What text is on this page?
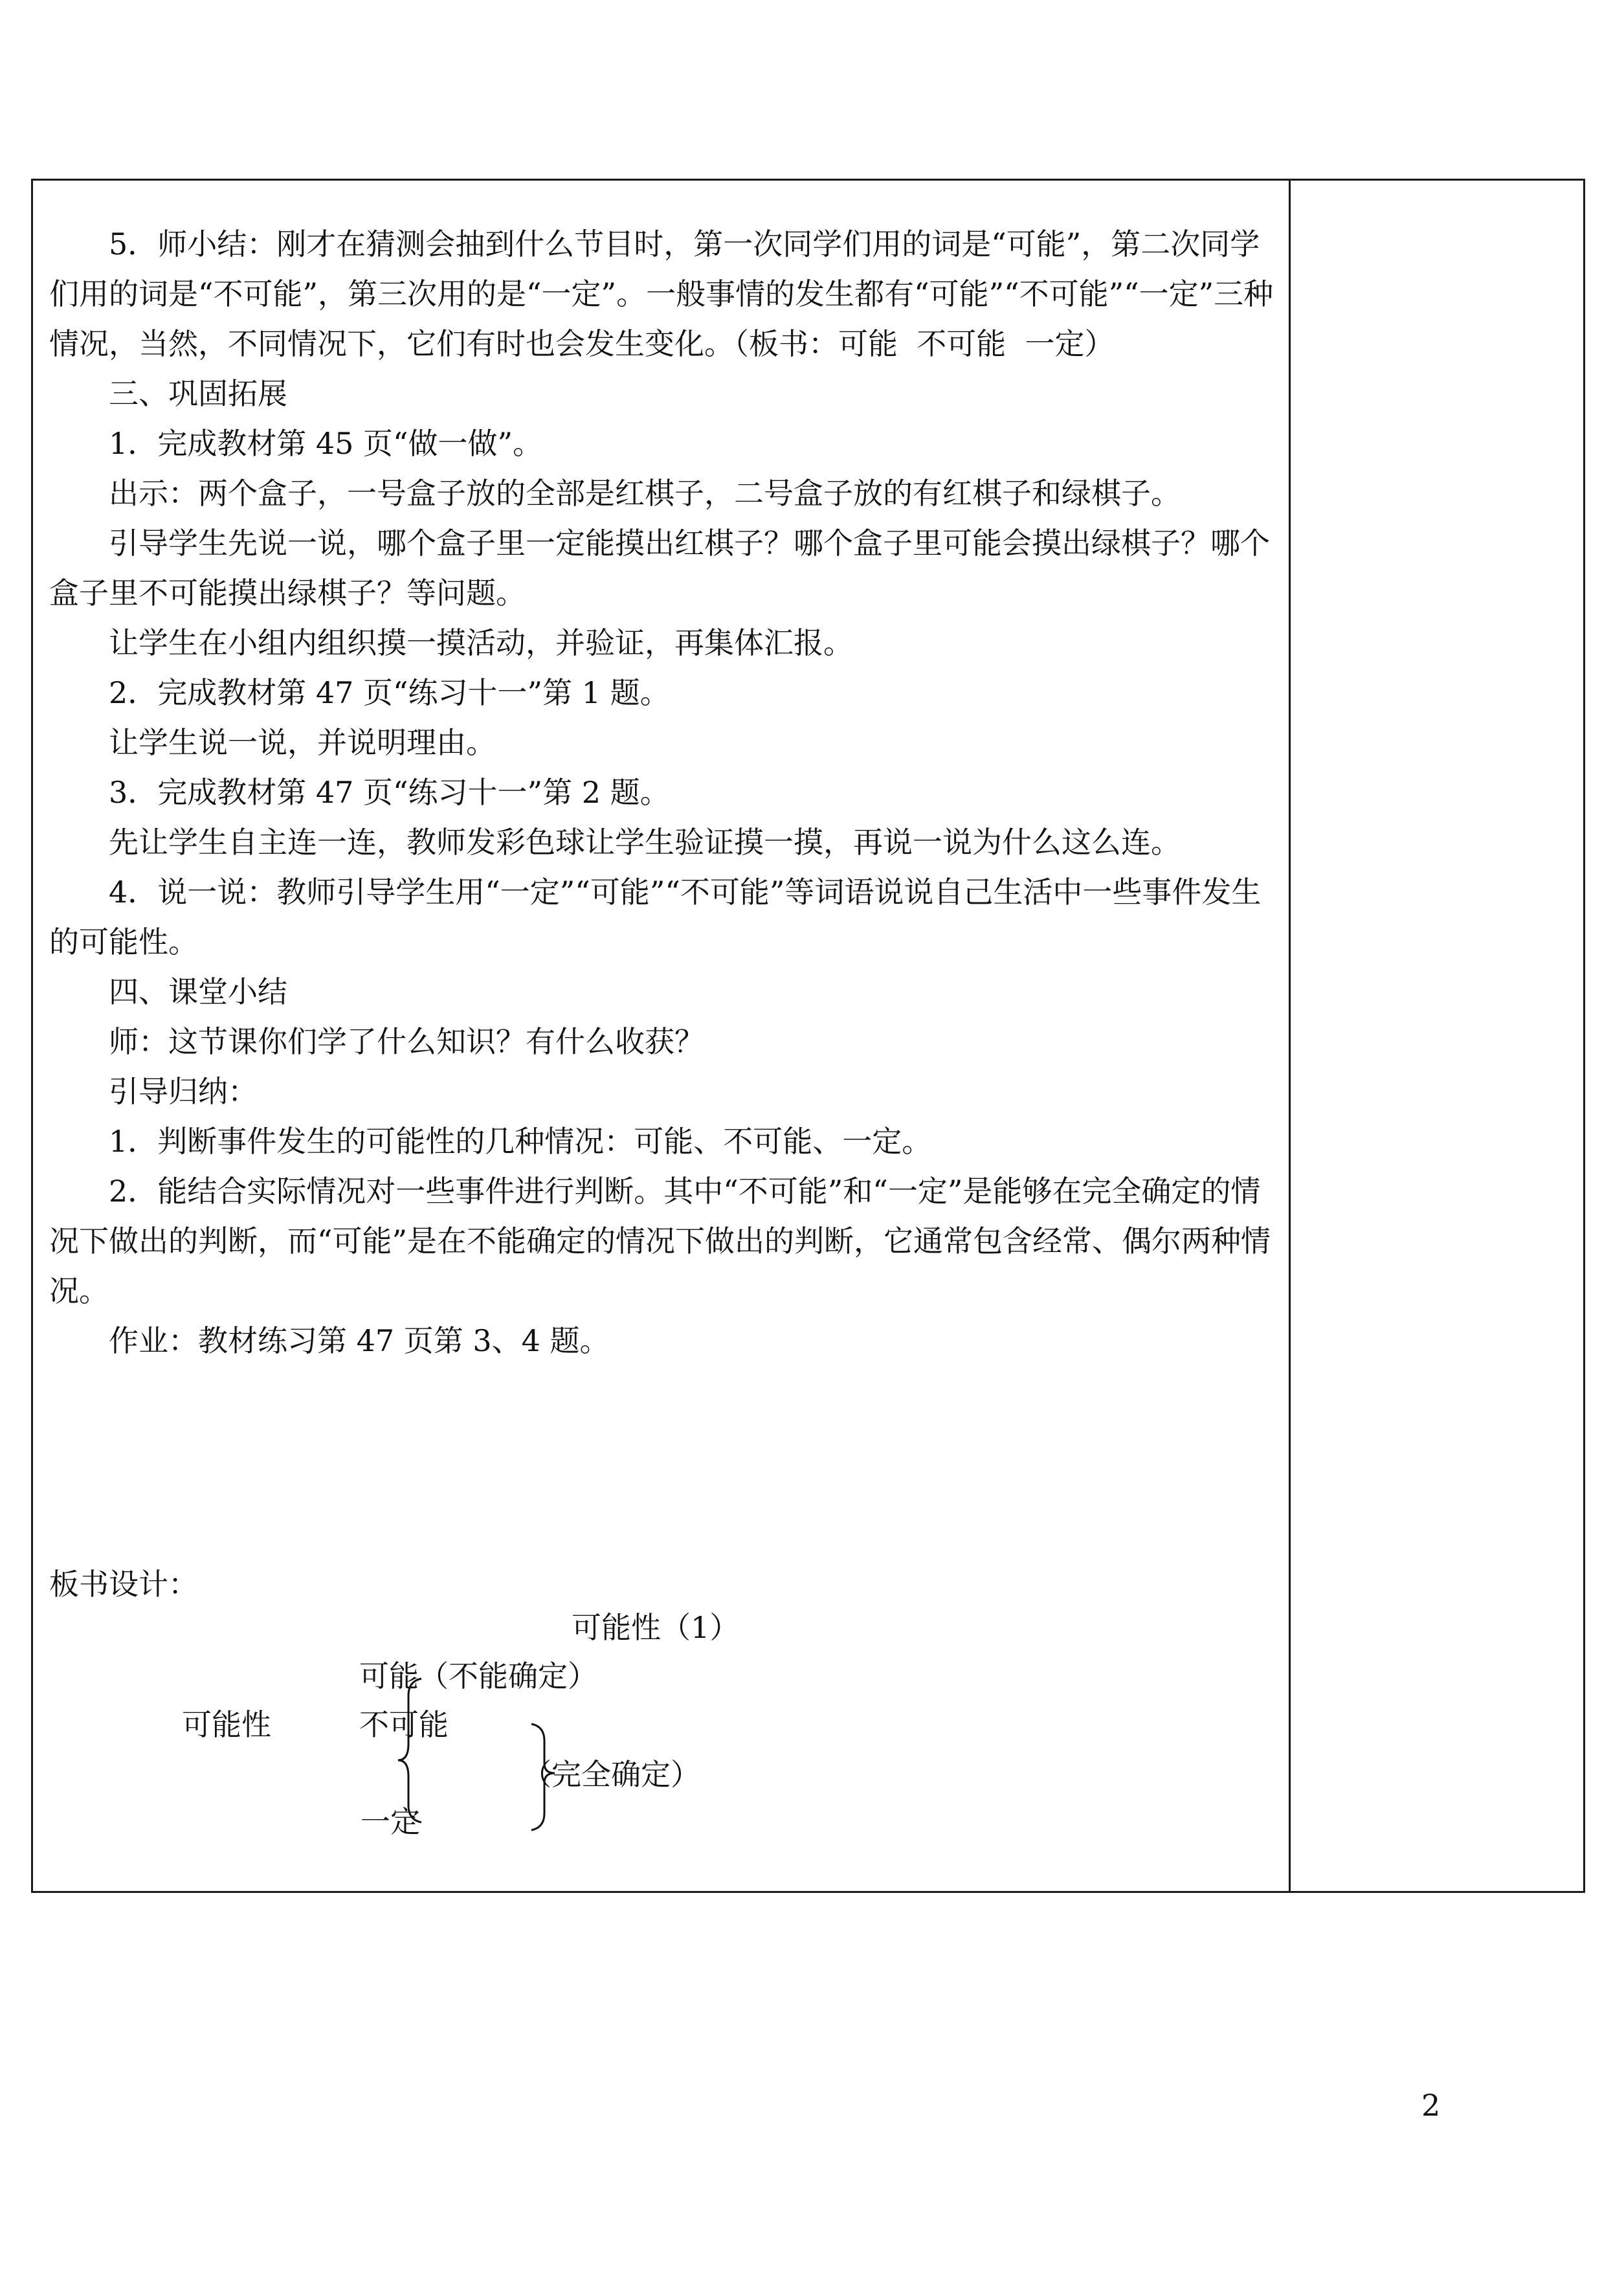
5．师小结：刚才在猜测会抽到什么节目时，第一次同学们用的词是“可能”，第二次同学们用的词是“不可能”，第三次用的是“一定”。一般事情的发生都有“可能”“不可能”“一定”三种情况，当然，不同情况下，它们有时也会发生变化。（板书：可能  不可能  一定）

三、巩固拓展

1．完成教材第 45 页“做一做”。

出示：两个盒子，一号盒子放的全部是红棋子，二号盒子放的有红棋子和绿棋子。

引导学生先说一说，哪个盒子里一定能摸出红棋子？哪个盒子里可能会摸出绿棋子？哪个盒子里不可能摸出绿棋子？等问题。

让学生在小组内组织摸一摸活动，并验证，再集体汇报。

2．完成教材第 47 页“练习十一”第 1 题。

让学生说一说，并说明理由。

3．完成教材第 47 页“练习十一”第 2 题。

先让学生自主连一连，教师发彩色球让学生验证摸一摸，再说一说为什么这么连。

4．说一说：教师引导学生用“一定”“可能”“不可能”等词语说说自己生活中一些事件发生的可能性。

四、课堂小结

师：这节课你们学了什么知识？有什么收获？

引导归纳：

1．判断事件发生的可能性的几种情况：可能、不可能、一定。

2．能结合实际情况对一些事件进行判断。其中“不可能”和“一定”是能够在完全确定的情况下做出的判断，而“可能”是在不能确定的情况下做出的判断，它通常包含经常、偶尔两种情况。

作业：教材练习第 47 页第 3、4 题。

板书设计：
可能性（1）
可能性
可能（不能确定）
不可能
（完全确定）
一定
2
